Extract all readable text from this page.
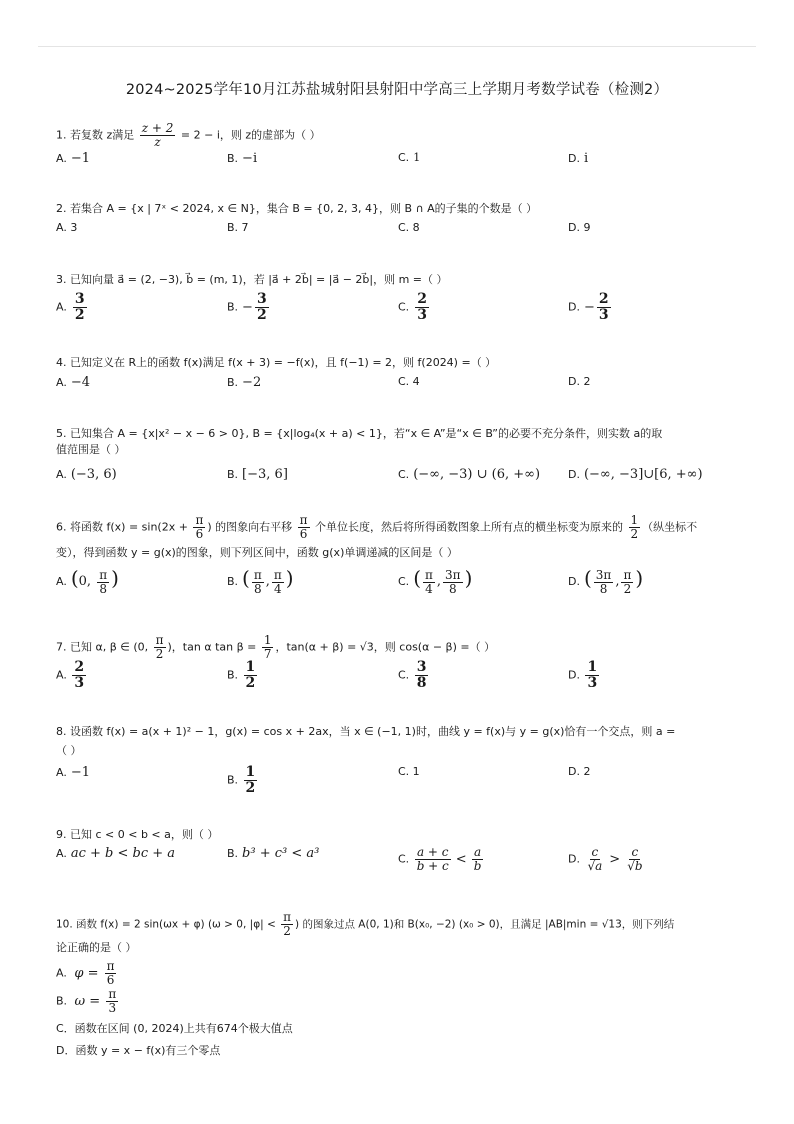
2024~2025学年10月江苏盐城射阳县射阳中学高三上学期月考数学试卷（检测2）
1. 若复数 z满足 $\frac{z + 2}{z} = 2 - i$，则 z的虚部为（ ）
A. −1	B. −i	C. 1	D. i
2. 若集合 A = {x | 7ˣ < 2024, x ∈ N}，集合 B = {0, 2, 3, 4}，则 B ∩ A的子集的个数是（ ）
A. 3	B. 7	C. 8	D. 9
3. 已知向量 a⃗ = (2, −3), b⃗ = (m, 1)，若 |a⃗ + 2b⃗| = |a⃗ − 2b⃗|，则 m =（ ）
A. $\frac{3}{2}$	B. − $\frac{3}{2}$	C. $\frac{2}{3}$	D. − $\frac{2}{3}$
4. 已知定义在 R上的函数 f(x)满足 f(x + 3) = −f(x)，且 f(−1) = 2，则 f(2024) =（ ）
A. −4	B. −2	C. 4	D. 2
5. 已知集合 A = {x|x² − x − 6 > 0}, B = {x|log₄(x + a) < 1}，若“x ∈ A”是“x ∈ B”的必要不充分条件，则实数 a的取
值范围是（ ）
A. (−3, 6)	B. [−3, 6]	C. (−∞, −3) ∪ (6, +∞)	D. (−∞, −3]∪[6, +∞)
6. 将函数 $f(x) = \sin(2x + \frac{\pi}{6}$ ) 的图象向右平移 $\frac{\pi}{6}$ 个单位长度，然后将所得函数图象上所有点的横坐标变为原来的 $\frac{1}{2}$ （纵坐标不
变），得到函数 y = g(x)的图象，则下列区间中，函数 g(x)单调递减的区间是（ ）
A. (0, $\frac{\pi}{8}$ )	B. ( $\frac{\pi}{8}$ , $\frac{\pi}{4}$ )	C. ( $\frac{\pi}{4}$ , $\frac{3\pi}{8}$ )	D. ( $\frac{3\pi}{8}$ , $\frac{\pi}{2}$ )
7. 已知 α, β ∈ (0, $\frac{\pi}{2}$ )，tan α $\tan \beta = \frac{1}{7}$ ，tan(α + β) = √3，则 cos(α − β) =（ ）
A. $\frac{2}{3}$	B. $\frac{1}{2}$	C. $\frac{3}{8}$	D. $\frac{1}{3}$
8. 设函数 f(x) = a(x + 1)² − 1，g(x) = cos x + 2ax，当 x ∈ (−1, 1)时，曲线 y = f(x)与 y = g(x)恰有一个交点，则 a =
（ ）
A. −1	B. $\frac{1}{2}$	C. 1	D. 2
9. 已知 c < 0 < b < a，则（ ）
A. ac + b < bc + a	B. b³ + c³ < a³	C. $\frac{a + c}{b + c} < \frac{a}{b}$	D. $\frac{c}{√a} > \frac{c}{√b}$
10. 函数 f(x) = 2 sin(ωx + φ) (ω > 0, $|\varphi| < \frac{\pi}{2}$ ) 的图象过点 A(0, 1)和 B(x₀, −2) (x₀ > 0)，且满足 |AB|min = √13，则下列结
论正确的是（ ）
A. $\varphi = \frac{\pi}{6}$
B. $\omega = \frac{\pi}{3}$
C．函数在区间 (0, 2024)上共有674个极大值点
D．函数 y = x − f(x)有三个零点
